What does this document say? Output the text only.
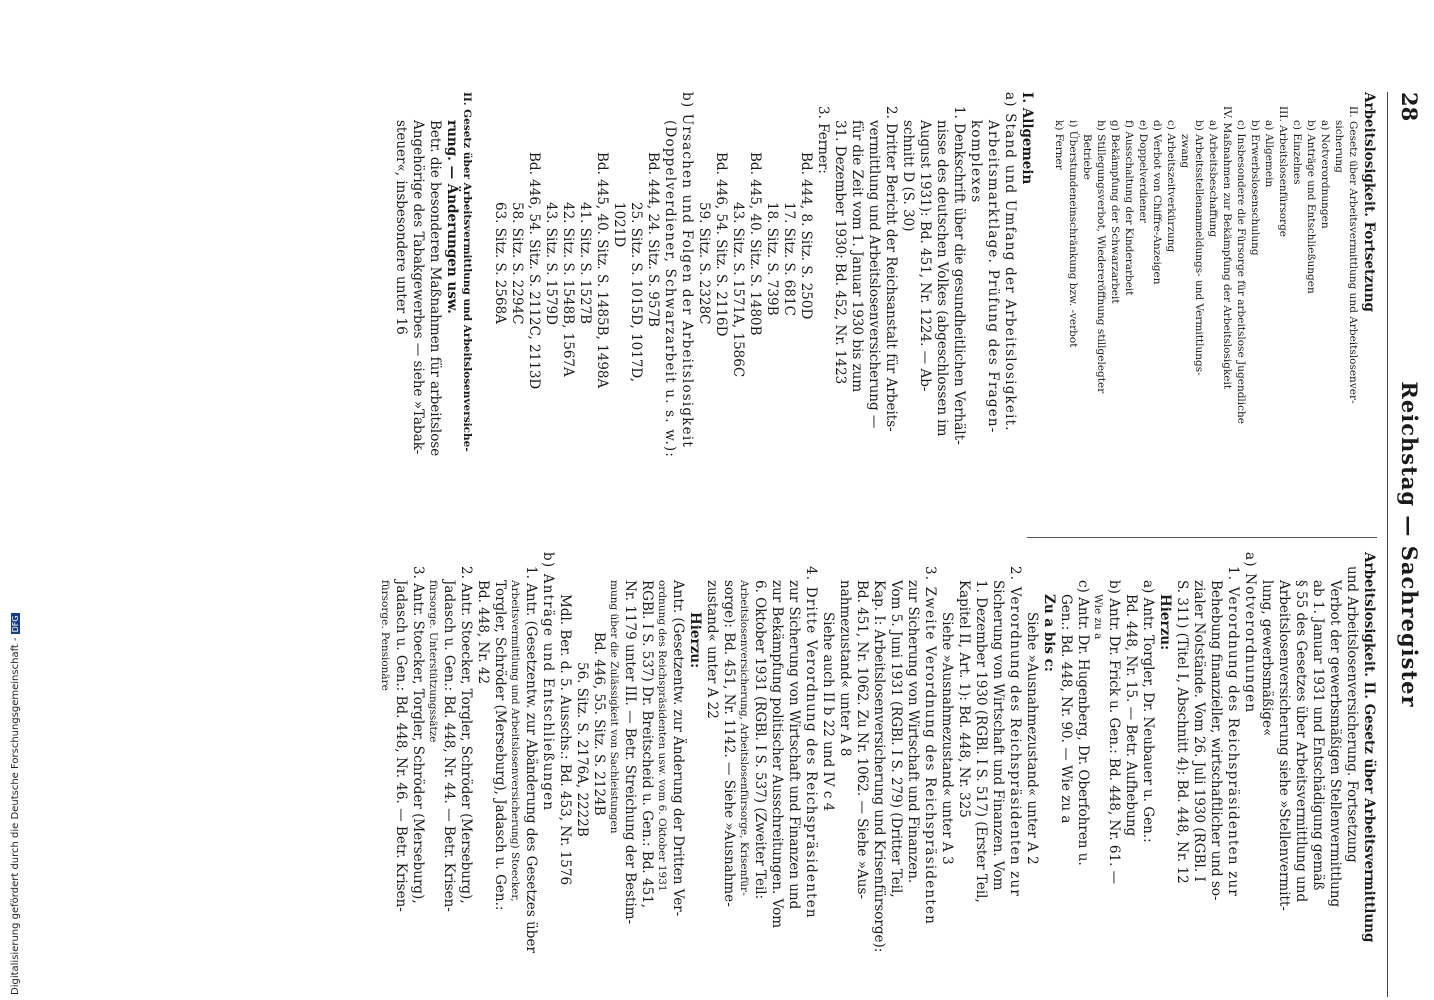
28
Reichstag — Sachregister
Arbeitslosigkeit. Fortsetzung
II. Gesetz über Arbeitsvermittlung und Arbeitslosenver-
sicherung
a) Notverordnungen
b) Anträge und Entschließungen
c) Einzelnes
III. Arbeitslosenfürsorge
a) Allgemein
b) Erwerbslosenschulung
c) Insbesondere die Fürsorge für arbeitslose Jugendliche
IV. Maßnahmen zur Bekämpfung der Arbeitslosigkeit
a) Arbeitsbeschaffung
b) Arbeitsstellenanmeldungs- und Vermittlungs-
zwang
c) Arbeitszeitverkürzung
d) Verbot von Chiffre-Anzeigen
e) Doppelverdiener
f) Ausschaltung der Kinderarbeit
g) Bekämpfung der Schwarzarbeit
h) Stillegungsverbot, Wiedereröffnung stillgelegter
Betriebe
i) Überstundeneinschränkung bzw. -verbot
k) Ferner

I. Allgemein
a) Stand und Umfang der Arbeitslosigkeit.
Arbeitsmarktlage. Prüfung des Fragen-
komplexes
1. Denkschrift über die gesundheitlichen Verhält-
nisse des deutschen Volkes (abgeschlossen im
August 1931): Bd. 451, Nr. 1224. — Ab-
schnitt D (S. 30)
2. Dritter Bericht der Reichsanstalt für Arbeits-
vermittlung und Arbeitslosenversicherung —
für die Zeit vom 1. Januar 1930 bis zum
31. Dezember 1930: Bd. 452, Nr. 1423
3. Ferner:
Bd. 444, 8. Sitz. S. 250D
17. Sitz. S. 681C
18. Sitz. S. 739B
Bd. 445, 40. Sitz. S. 1480B
43. Sitz. S. 1571A, 1586C
Bd. 446, 54. Sitz. S. 2116D
59. Sitz. S. 2328C
b) Ursachen und Folgen der Arbeitslosigkeit
(Doppelverdiener, Schwarzarbeit u. s. w.):
Bd. 444, 24. Sitz. S. 957B
25. Sitz. S. 1015D, 1017D,
1021D
Bd. 445, 40. Sitz. S. 1485B, 1498A
41. Sitz. S. 1527B
42. Sitz. S. 1548B, 1567A
43. Sitz. S. 1579D
Bd. 446, 54. Sitz. S. 2112C, 2113D
58. Sitz. S. 2294C
63. Sitz. S. 2568A

II. Gesetz über Arbeitsvermittlung und Arbeitslosenversiche-
rung. — Änderungen usw.
Betr. die besonderen Maßnahmen für arbeitslose
Angehörige des Tabakgewerbes — siehe »Tabak-
steuer«, insbesondere unter 16
Arbeitslosigkeit. II. Gesetz über Arbeitsvermittlung
und Arbeitslosenversicherung. Fortsetzung
Verbot der gewerbsmäßigen Stellenvermittlung
ab 1. Januar 1931 und Entschädigung gemäß
§ 55 des Gesetzes über Arbeitsvermittlung und
Arbeitslosenversicherung siehe »Stellenvermitt-
lung, gewerbsmäßige«
a) Notverordnungen
1. Verordnung des Reichspräsidenten zur
Behebung finanzieller, wirtschaftlicher und so-
zialer Notstände. Vom 26. Juli 1930 (RGBl. I
S. 311) (Titel I, Abschnitt 4): Bd. 448, Nr. 12
Hierzu:
a) Antr. Torgler, Dr. Neubauer u. Gen.:
Bd. 448, Nr. 15. — Betr. Aufhebung
b) Antr. Dr. Frick u. Gen.: Bd. 448, Nr. 61. —
Wie zu a
c) Antr. Dr. Hugenberg, Dr. Oberfohren u.
Gen.: Bd. 448, Nr. 90. — Wie zu a
Zu a bis c:
Siehe »Ausnahmezustand« unter A 2
2. Verordnung des Reichspräsidenten zur
Sicherung von Wirtschaft und Finanzen. Vom
1. Dezember 1930 (RGBl. I S. 517) (Erster Teil,
Kapitel II, Art. 1): Bd. 448, Nr. 325
Siehe »Ausnahmezustand« unter A 3
3. Zweite Verordnung des Reichspräsidenten
zur Sicherung von Wirtschaft und Finanzen.
Vom 5. Juni 1931 (RGBl. I S. 279) (Dritter Teil,
Kap. I: Arbeitslosenversicherung und Krisenfürsorge):
Bd. 451, Nr. 1062. Zu Nr. 1062. — Siehe »Aus-
nahmezustand« unter A 8
Siehe auch II b 22 und IV c 4
4. Dritte Verordnung des Reichspräsidenten
zur Sicherung von Wirtschaft und Finanzen und
zur Bekämpfung politischer Ausschreitungen. Vom
6. Oktober 1931 (RGBl. I S. 537) (Zweiter Teil:
Arbeitslosenversicherung, Arbeitslosenfürsorge, Krisenfür-
sorge): Bd. 451, Nr. 1142. — Siehe »Ausnahme-
zustand« unter A 22
Hierzu:
Antr. (Gesetzentw. zur Änderung der Dritten Ver-
ordnung des Reichspräsidenten usw. vom 6. Oktober 1931
RGBl. I S. 537) Dr. Breitscheid u. Gen.: Bd. 451,
Nr. 1179 unter III. — Betr. Streichung der Bestim-
mung über die Zulässigkeit von Sachleistungen
Bd. 446, 55. Sitz. S. 2124B
56. Sitz. S. 2176A, 2222B
Mdl. Ber. d. 5. Ausschs.: Bd. 453, Nr. 1576
b) Anträge und Entschließungen
1. Antr. (Gesetzentw. zur Abänderung des Gesetzes über
Arbeitsvermittlung und Arbeitslosenversicherung) Stoecker,
Torgler, Schröder (Merseburg), Jadasch u. Gen.:
Bd. 448, Nr. 42
2. Antr. Stoecker, Torgler, Schröder (Merseburg),
Jadasch u. Gen.: Bd. 448, Nr. 44. — Betr. Krisen-
fürsorge. Unterstützungssätze
3. Antr. Stoecker, Torgler, Schröder (Merseburg),
Jadasch u. Gen.: Bd. 448, Nr. 46. — Betr. Krisen-
fürsorge. Pensionäre
Digitalisierung gefördert durch die Deutsche Forschungsgemeinschaft -DFG
